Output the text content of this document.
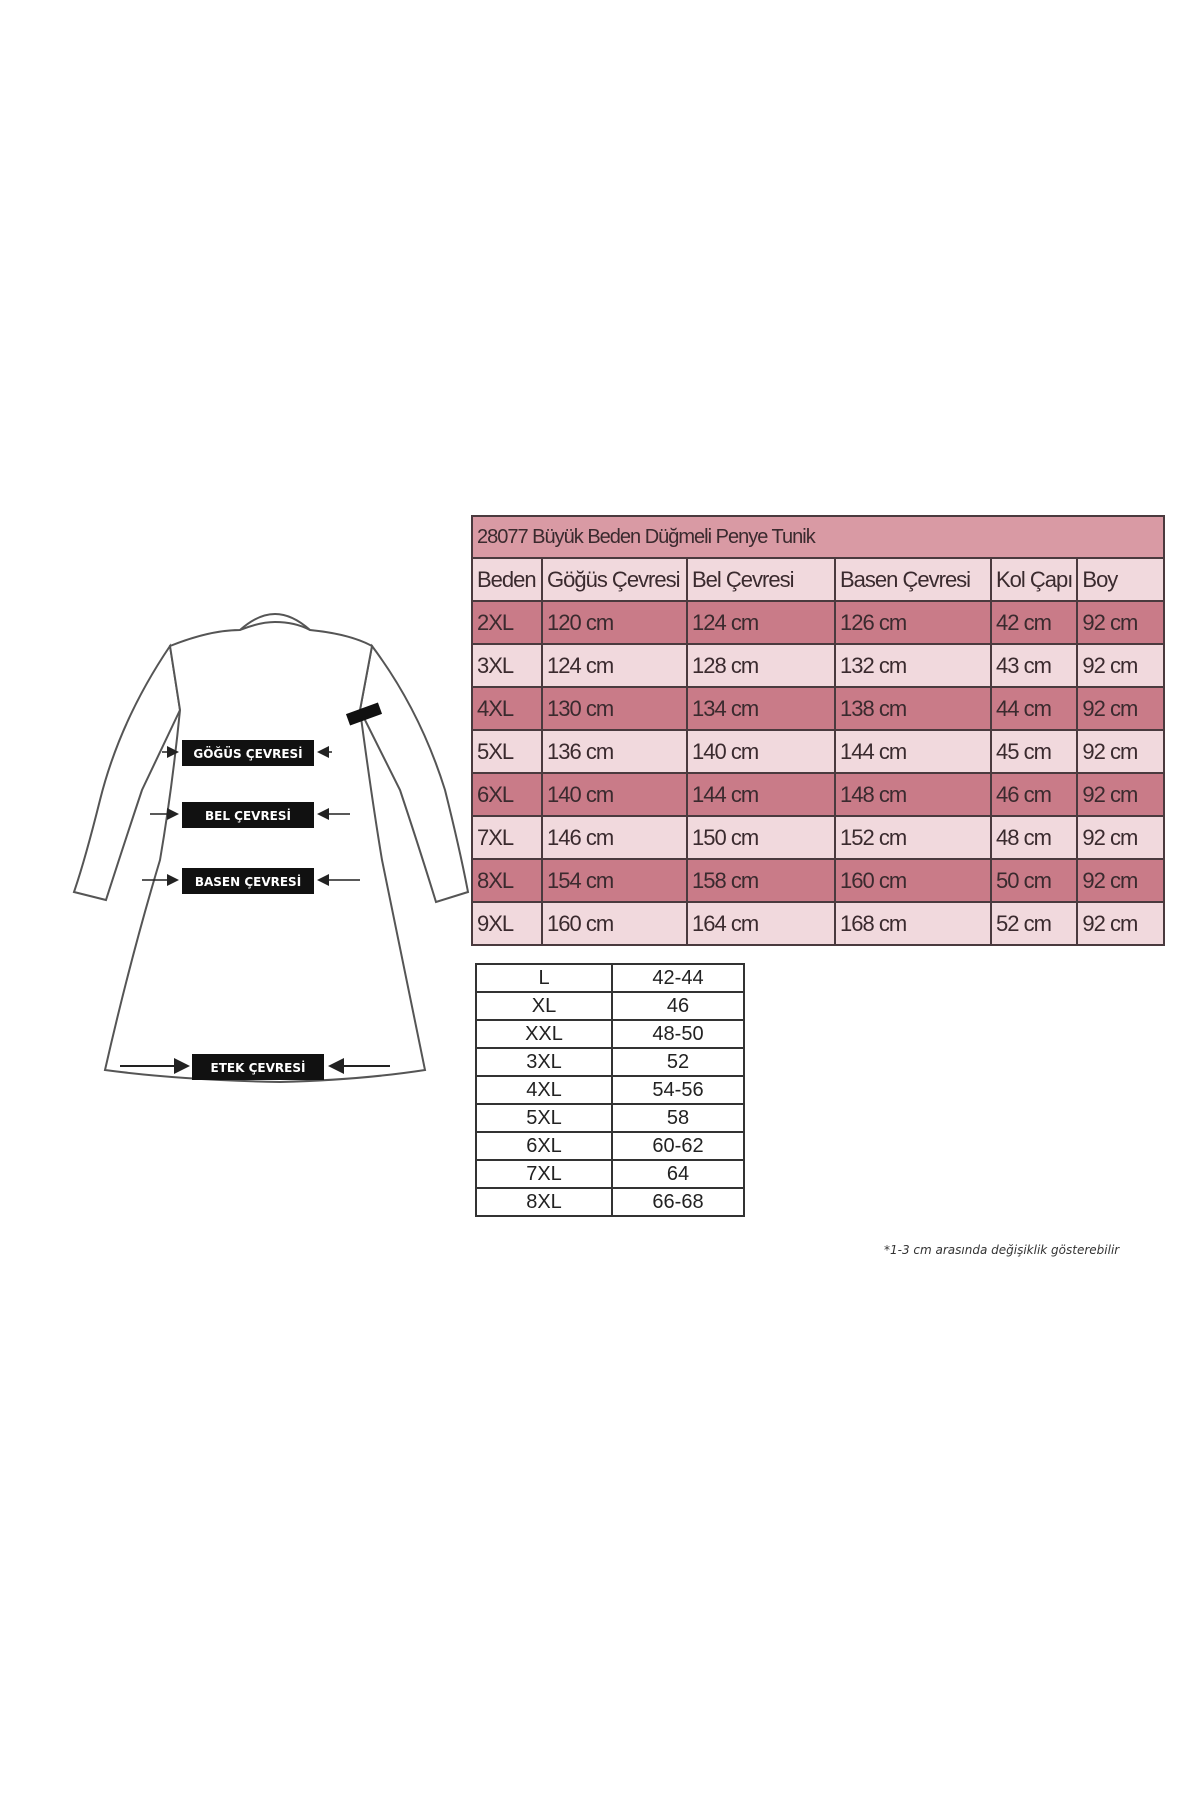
GÖĞÜS ÇEVRESİ
BEL ÇEVRESİ
BASEN ÇEVRESİ
ETEK ÇEVRESİ
28077 Büyük Beden Düğmeli Penye Tunik					
Beden	Göğüs Çevresi	Bel Çevresi	Basen Çevresi	Kol Çapı	Boy
2XL	120 cm	124 cm	126 cm	42 cm	92 cm
3XL	124 cm	128 cm	132 cm	43 cm	92 cm
4XL	130 cm	134 cm	138 cm	44 cm	92 cm
5XL	136 cm	140 cm	144 cm	45 cm	92 cm
6XL	140 cm	144 cm	148 cm	46 cm	92 cm
7XL	146 cm	150 cm	152 cm	48 cm	92 cm
8XL	154 cm	158 cm	160 cm	50 cm	92 cm
9XL	160 cm	164 cm	168 cm	52 cm	92 cm
L	42-44
XL	46
XXL	48-50
3XL	52
4XL	54-56
5XL	58
6XL	60-62
7XL	64
8XL	66-68
*1-3 cm arasında değişiklik gösterebilir
